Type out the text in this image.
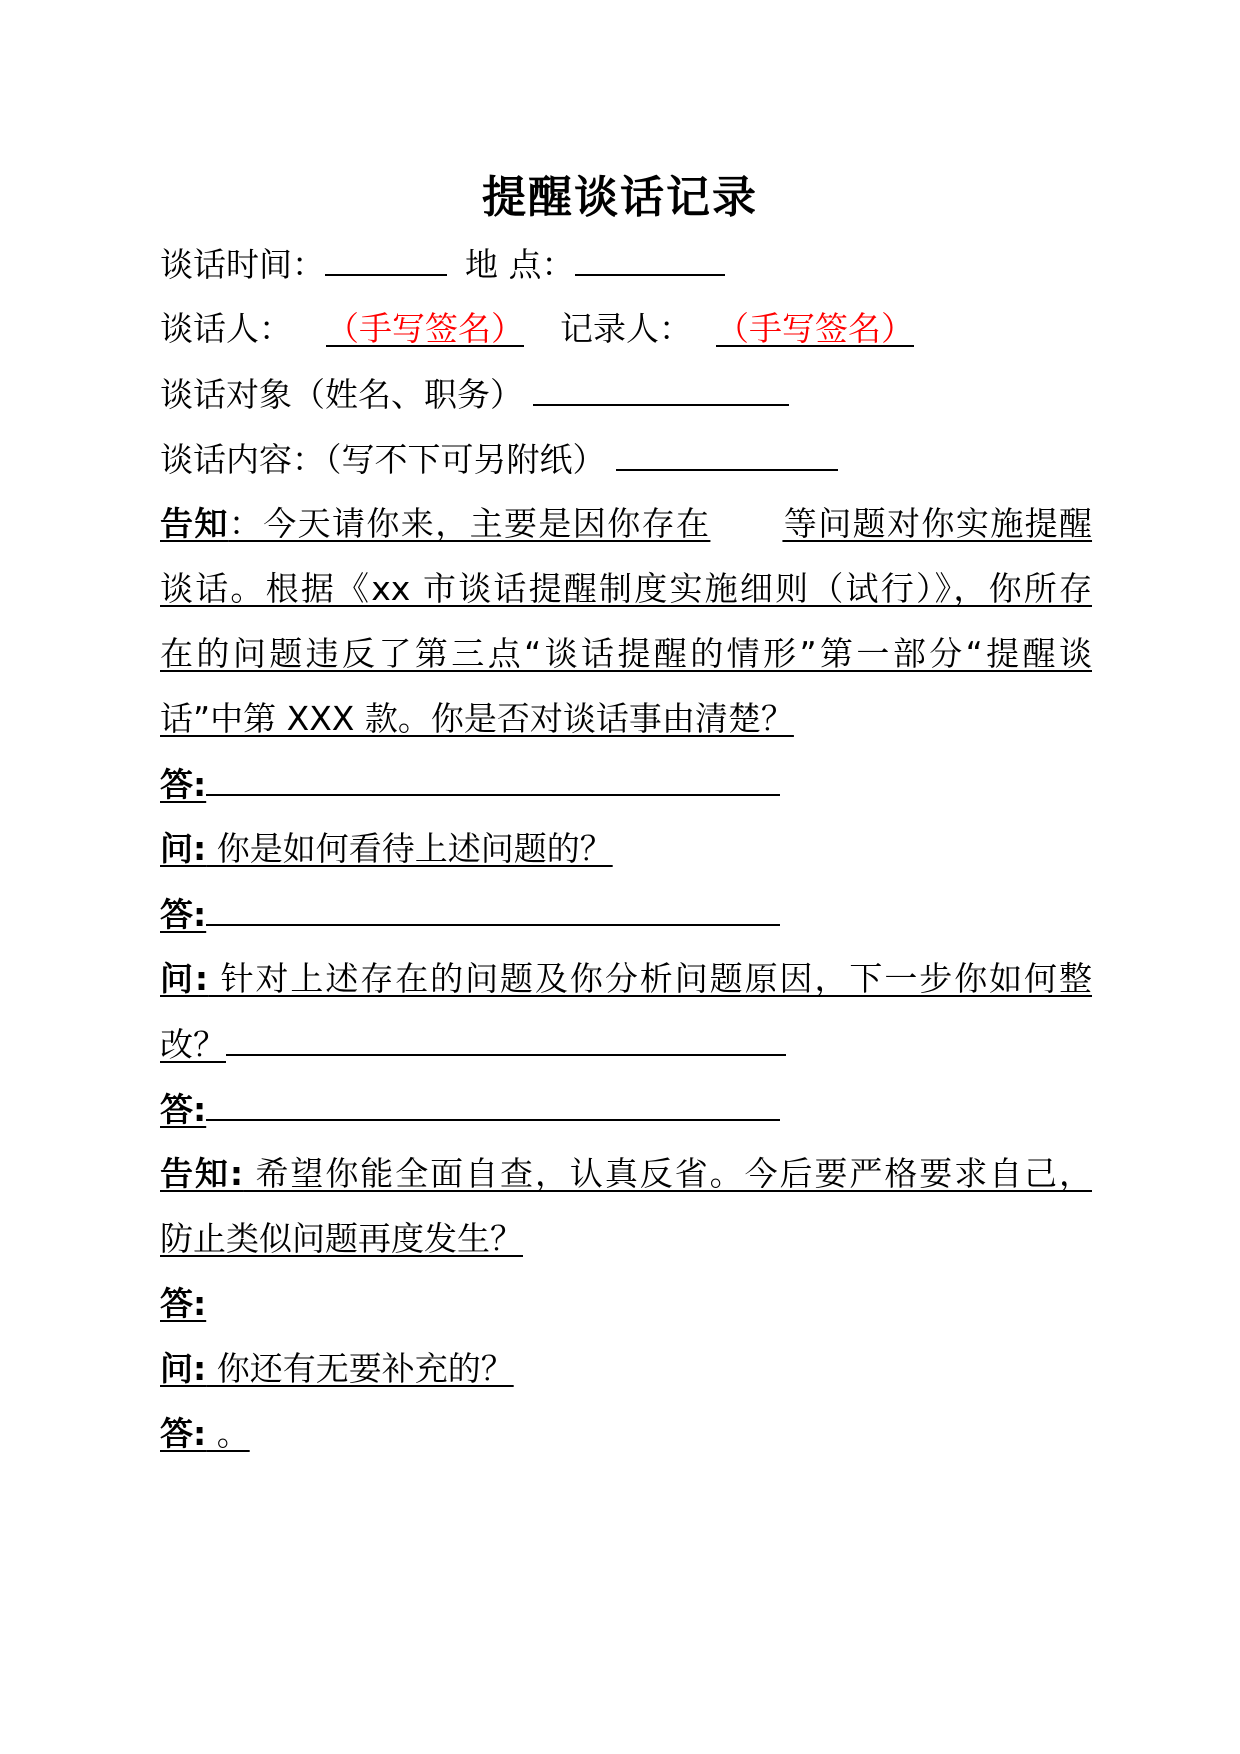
提醒谈话记录
谈话时间：	地 点：
谈话人： （手写签名） 记录人： （手写签名）
谈话对象（姓名、职务）
谈话内容：（写不下可另附纸）
告知：今天请你来，主要是因你存在 等问题对你实施提醒
谈话。根据《xx 市谈话提醒制度实施细则（试行）》，你所存
在的问题违反了第三点“谈话提醒的情形”第一部分“提醒谈
话”中第 XXX 款。你是否对谈话事由清楚？
答:
问: 你是如何看待上述问题的？
答:
问: 针对上述存在的问题及你分析问题原因，下一步你如何整
改？
答:
告知: 希望你能全面自查，认真反省。今后要严格要求自己，
防止类似问题再度发生？
答:
问: 你还有无要补充的？
答: 。
